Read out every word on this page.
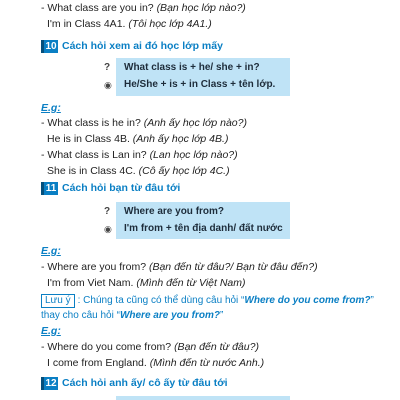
- What class are you in? (Bạn học lớp nào?)
I'm in Class 4A1. (Tôi học lớp 4A1.)
10 Cách hỏi xem ai đó học lớp mấy
?
◉
What class is + he/ she + in?
He/She + is + in Class + tên lớp.
E.g:
- What class is he in? (Anh ấy học lớp nào?)
He is in Class 4B. (Anh ấy học lớp 4B.)
- What class is Lan in? (Lan học lớp nào?)
She is in Class 4C. (Cô ấy học lớp 4C.)
11 Cách hỏi bạn từ đâu tới
?
◉
Where are you from?
I'm from + tên địa danh/ đất nước
E.g:
- Where are you from? (Bạn đến từ đâu?/ Bạn từ đâu đến?)
I'm from Viet Nam. (Mình đến từ Việt Nam)
Lưu ý : Chúng ta cũng có thể dùng câu hỏi “Where do you come from?”
thay cho câu hỏi “Where are you from?”
E.g:
- Where do you come from? (Bạn đến từ đâu?)
I come from England. (Mình đến từ nước Anh.)
12 Cách hỏi anh ấy/ cô ấy từ đâu tới
